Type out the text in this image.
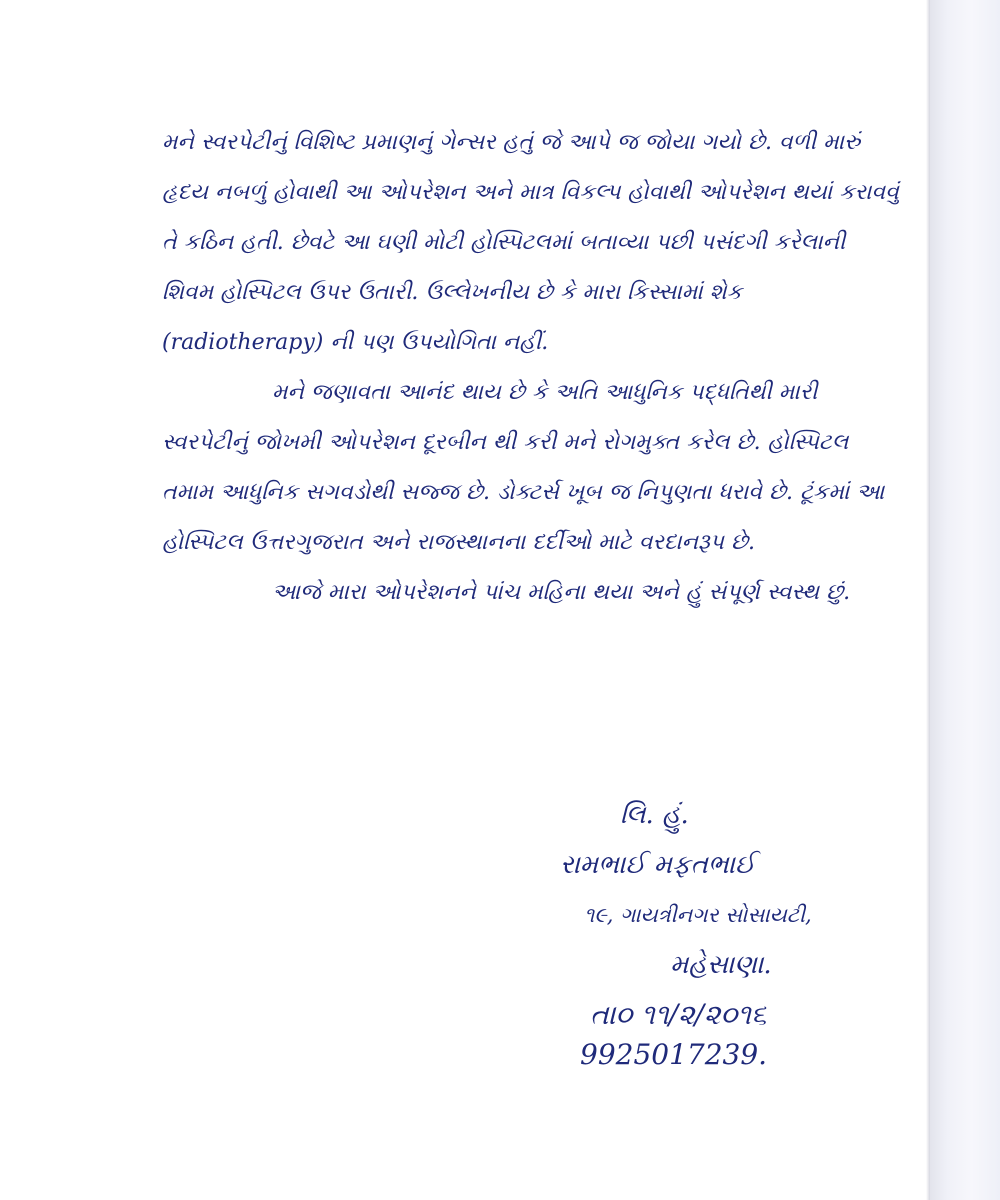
મને સ્વરપેટીનું વિશિષ્ટ પ્રમાણનું ગેન્સર હતું જે આપે જ જોયા ગયો છે. વળી મારું હૃદય નબળું હોવાથી આ ઓપરેશન અને માત્ર વિકલ્પ હોવાથી ઓપરેશન થયાં કરાવવું તે કઠિન હતી. છેવટે આ ઘણી મોટી હોસ્પિટલમાં બતાવ્યા પછી પસંદગી કરેલાની શિવમ હોસ્પિટલ ઉપર ઉતારી. ઉલ્લેખનીય છે કે મારા કિસ્સામાં શેક (radiotherapy) ની પણ ઉપયોગિતા નહીં.

મને જણાવતા આનંદ થાય છે કે અતિ આધુનિક પદ્ધતિથી મારી સ્વરપેટીનું જોખમી ઓપરેશન દૂરબીન થી કરી મને રોગમુક્ત કરેલ છે. હોસ્પિટલ તમામ આધુનિક સગવડોથી સજ્જ છે. ડોક્ટર્સ ખૂબ જ નિપુણતા ધરાવે છે. ટૂંકમાં આ હોસ્પિટલ ઉત્તરગુજરાત અને રાજસ્થાનના દર્દીઓ માટે વરદાનરૂપ છે.

આજે મારા ઓપરેશનને પાંચ મહિના થયા અને હું સંપૂર્ણ સ્વસ્થ છું.

લિ. હું.
રામભાઈ મફતભાઈ
૧૯, ગાયત્રીનગર સોસાયટી,
મહેસાણા.
તા૦ ૧૧/૨/૨૦૧૬
9925017239.
